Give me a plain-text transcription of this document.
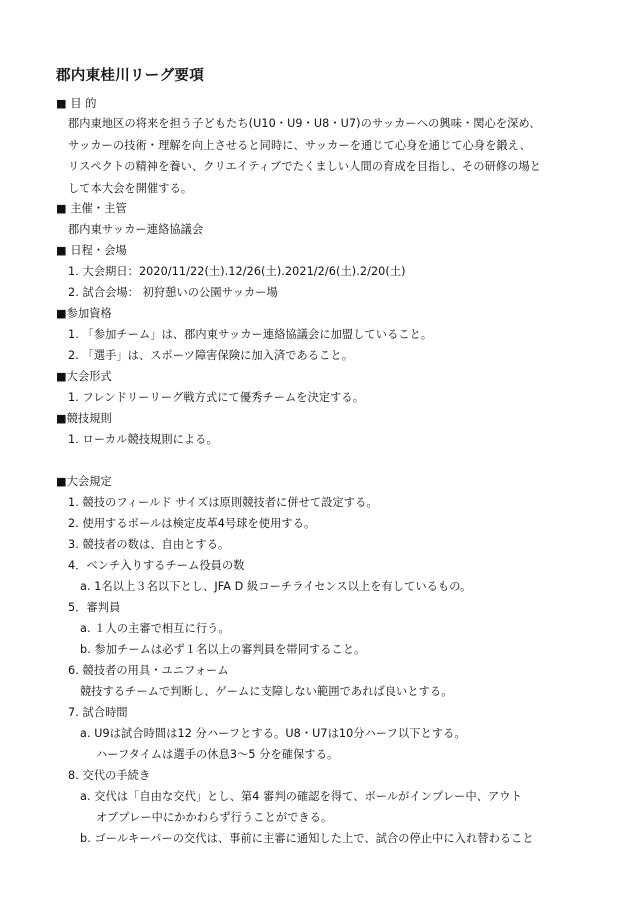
郡内東桂川リーグ要項
■ 目 的
郡内東地区の将来を担う子どもたち(U10・U9・U8・U7)のサッカーへの興味・関心を深め、
サッカーの技術・理解を向上させると同時に、サッカーを通じて心身を通じて心身を鍛え、
リスペクトの精神を養い、クリエイティブでたくましい人間の育成を目指し、その研修の場と
して本大会を開催する。
■ 主催・主管
郡内東サッカー連絡協議会
■ 日程・会場
1. 大会期日：2020/11/22(土).12/26(土).2021/2/6(土).2/20(土)
2. 試合会場： 初狩憩いの公園サッカー場
■参加資格
1. 「参加チーム」は、郡内東サッカー連絡協議会に加盟していること。
2. 「選手」は、スポーツ障害保険に加入済であること。
■大会形式
1. フレンドリーリーグ戦方式にて優秀チームを決定する。
■競技規則
1. ローカル競技規則による。
■大会規定
1. 競技のフィールド サイズは原則競技者に併せて設定する。
2. 使用するボールは検定皮革4号球を使用する。
3. 競技者の数は、自由とする。
4．ベンチ入りするチーム役員の数
a. 1名以上３名以下とし、JFA D 級コーチライセンス以上を有しているもの。
5．審判員
a. １人の主審で相互に行う。
b. 参加チームは必ず１名以上の審判員を帯同すること。
6. 競技者の用具・ユニフォーム
競技するチームで判断し、ゲームに支障しない範囲であれば良いとする。
7. 試合時間
a. U9は試合時間は12 分ハーフとする。U8・U7は10分ハーフ以下とする。
ハーフタイムは選手の休息3～5 分を確保する。
8. 交代の手続き
a. 交代は「自由な交代」とし、第4 審判の確認を得て、ボールがインプレー中、アウト
オブプレー中にかかわらず行うことができる。
b. ゴールキーパーの交代は、事前に主審に通知した上で、試合の停止中に入れ替わること
